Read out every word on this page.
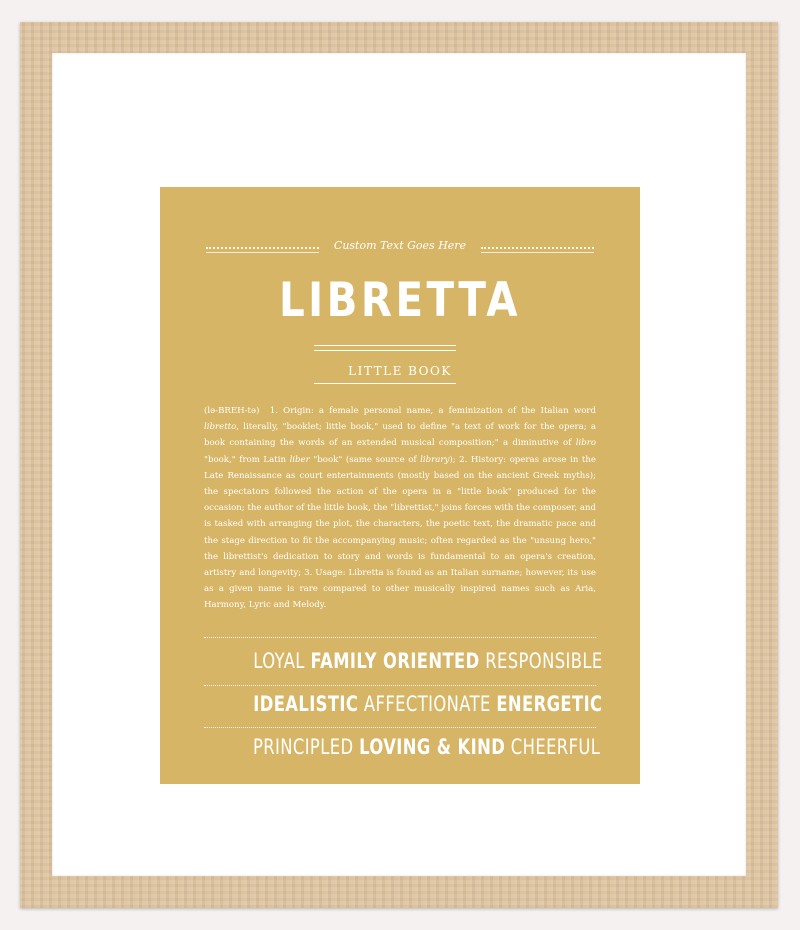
Custom Text Goes Here
LIBRETTA
LITTLE BOOK
(lə-BREH-tə) 1. Origin: a female personal name, a feminization of the Italian word libretto, literally, "booklet; little book," used to define "a text of work for the opera; a book containing the words of an extended musical composition;" a diminutive of libro "book," from Latin liber "book" (same source of library); 2. History: operas arose in the Late Renaissance as court entertainments (mostly based on the ancient Greek myths); the spectators followed the action of the opera in a "little book" produced for the occasion; the author of the little book, the "librettist," joins forces with the composer, and is tasked with arranging the plot, the characters, the poetic text, the dramatic pace and the stage direction to fit the accompanying music; often regarded as the "unsung hero," the librettist's dedication to story and words is fundamental to an opera's creation, artistry and longevity; 3. Usage: Libretta is found as an Italian surname; however, its use as a given name is rare compared to other musically inspired names such as Aria, Harmony, Lyric and Melody.
LOYAL FAMILY ORIENTED RESPONSIBLE
IDEALISTIC AFFECTIONATE ENERGETIC
PRINCIPLED LOVING & KIND CHEERFUL
